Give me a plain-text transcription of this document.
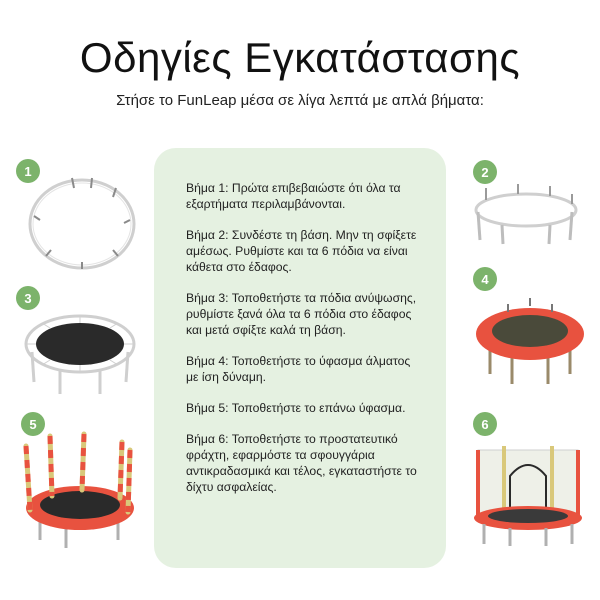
Οδηγίες Εγκατάστασης

Στήσε το FunLeap μέσα σε λίγα λεπτά με απλά βήματα:

Βήμα 1: Πρώτα επιβεβαιώστε ότι όλα τα εξαρτήματα περιλαμβάνονται.

Βήμα 2: Συνδέστε τη βάση. Μην τη σφίξετε αμέσως. Ρυθμίστε και τα 6 πόδια να είναι κάθετα στο έδαφος.

Βήμα 3: Τοποθετήστε τα πόδια ανύψωσης, ρυθμίστε ξανά όλα τα 6 πόδια στο έδαφος και μετά σφίξτε καλά τη βάση.

Βήμα 4: Τοποθετήστε το ύφασμα άλματος με ίση δύναμη.

Βήμα 5: Τοποθετήστε το επάνω ύφασμα.

Βήμα 6: Τοποθετήστε το προστατευτικό φράχτη, εφαρμόστε τα σφουγγάρια αντικραδασμικά και τέλος, εγκαταστήστε το δίχτυ ασφαλείας.

1	2
3
4
5	6
